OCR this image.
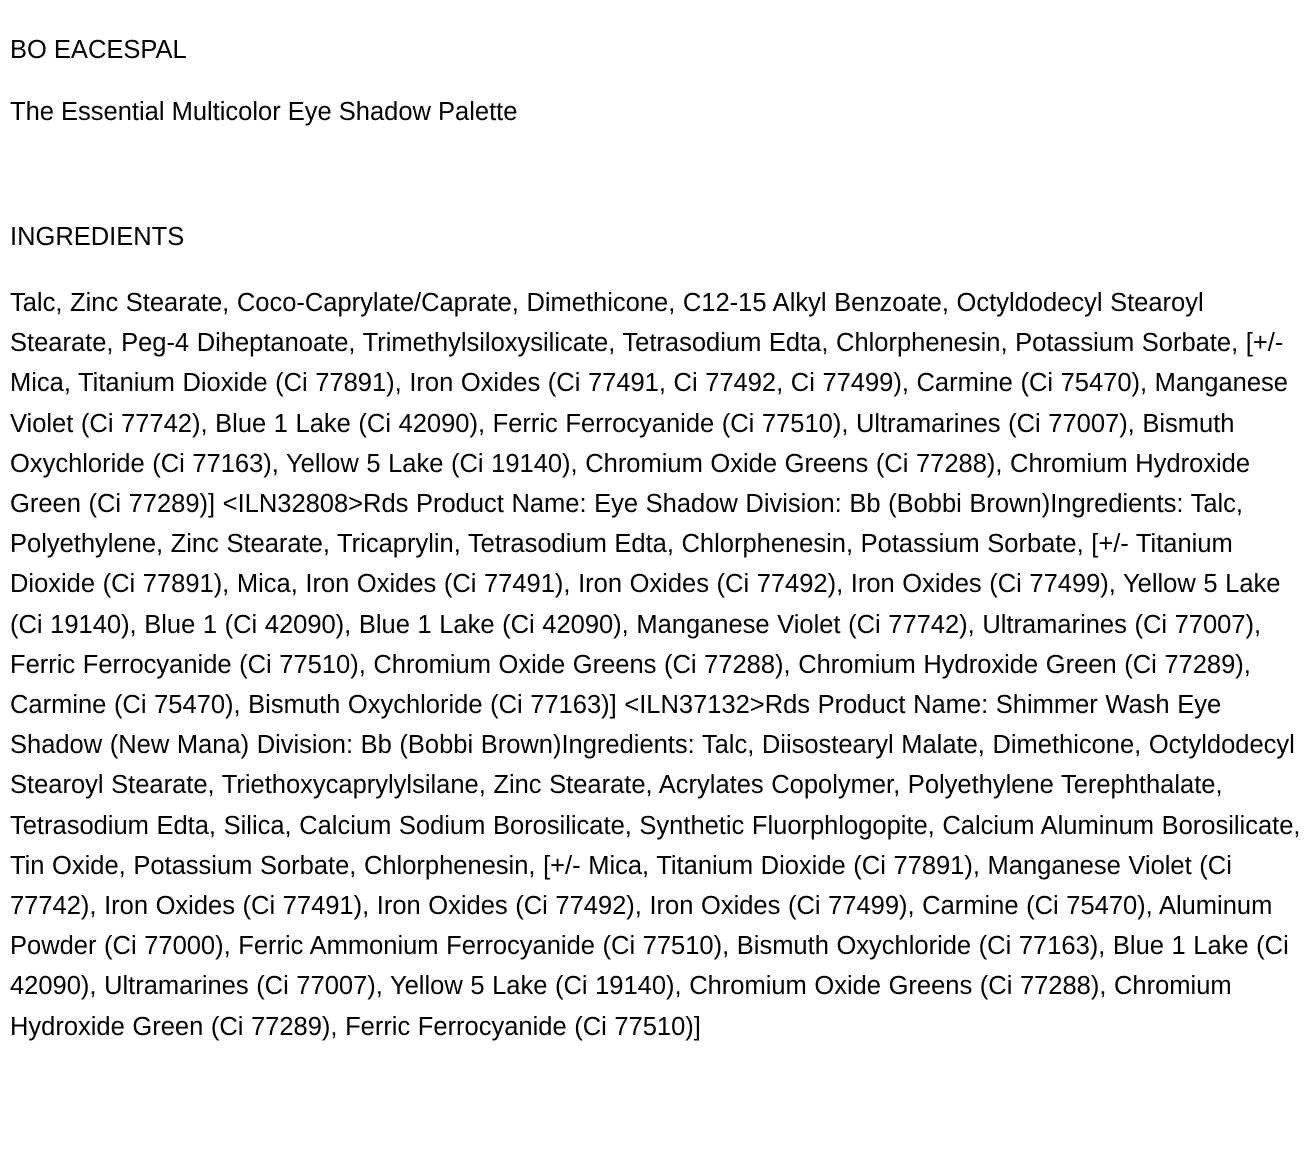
BO EACESPAL

The Essential Multicolor Eye Shadow Palette

INGREDIENTS

Talc, Zinc Stearate, Coco-Caprylate/Caprate, Dimethicone, C12-15 Alkyl Benzoate, Octyldodecyl Stearoyl Stearate, Peg-4 Diheptanoate, Trimethylsiloxysilicate, Tetrasodium Edta, Chlorphenesin, Potassium Sorbate, [+/- Mica, Titanium Dioxide (Ci 77891), Iron Oxides (Ci 77491, Ci 77492, Ci 77499), Carmine (Ci 75470), Manganese Violet (Ci 77742), Blue 1 Lake (Ci 42090), Ferric Ferrocyanide (Ci 77510), Ultramarines (Ci 77007), Bismuth Oxychloride (Ci 77163), Yellow 5 Lake (Ci 19140), Chromium Oxide Greens (Ci 77288), Chromium Hydroxide Green (Ci 77289)] <ILN32808>Rds Product Name: Eye Shadow Division: Bb (Bobbi Brown)Ingredients: Talc, Polyethylene, Zinc Stearate, Tricaprylin, Tetrasodium Edta, Chlorphenesin, Potassium Sorbate, [+/- Titanium Dioxide (Ci 77891), Mica, Iron Oxides (Ci 77491), Iron Oxides (Ci 77492), Iron Oxides (Ci 77499), Yellow 5 Lake (Ci 19140), Blue 1 (Ci 42090), Blue 1 Lake (Ci 42090), Manganese Violet (Ci 77742), Ultramarines (Ci 77007), Ferric Ferrocyanide (Ci 77510), Chromium Oxide Greens (Ci 77288), Chromium Hydroxide Green (Ci 77289), Carmine (Ci 75470), Bismuth Oxychloride (Ci 77163)] <ILN37132>Rds Product Name: Shimmer Wash Eye Shadow (New Mana) Division: Bb (Bobbi Brown)Ingredients: Talc, Diisostearyl Malate, Dimethicone, Octyldodecyl Stearoyl Stearate, Triethoxycaprylylsilane, Zinc Stearate, Acrylates Copolymer, Polyethylene Terephthalate, Tetrasodium Edta, Silica, Calcium Sodium Borosilicate, Synthetic Fluorphlogopite, Calcium Aluminum Borosilicate, Tin Oxide, Potassium Sorbate, Chlorphenesin, [+/- Mica, Titanium Dioxide (Ci 77891), Manganese Violet (Ci 77742), Iron Oxides (Ci 77491), Iron Oxides (Ci 77492), Iron Oxides (Ci 77499), Carmine (Ci 75470), Aluminum Powder (Ci 77000), Ferric Ammonium Ferrocyanide (Ci 77510), Bismuth Oxychloride (Ci 77163), Blue 1 Lake (Ci 42090), Ultramarines (Ci 77007), Yellow 5 Lake (Ci 19140), Chromium Oxide Greens (Ci 77288), Chromium Hydroxide Green (Ci 77289), Ferric Ferrocyanide (Ci 77510)]
